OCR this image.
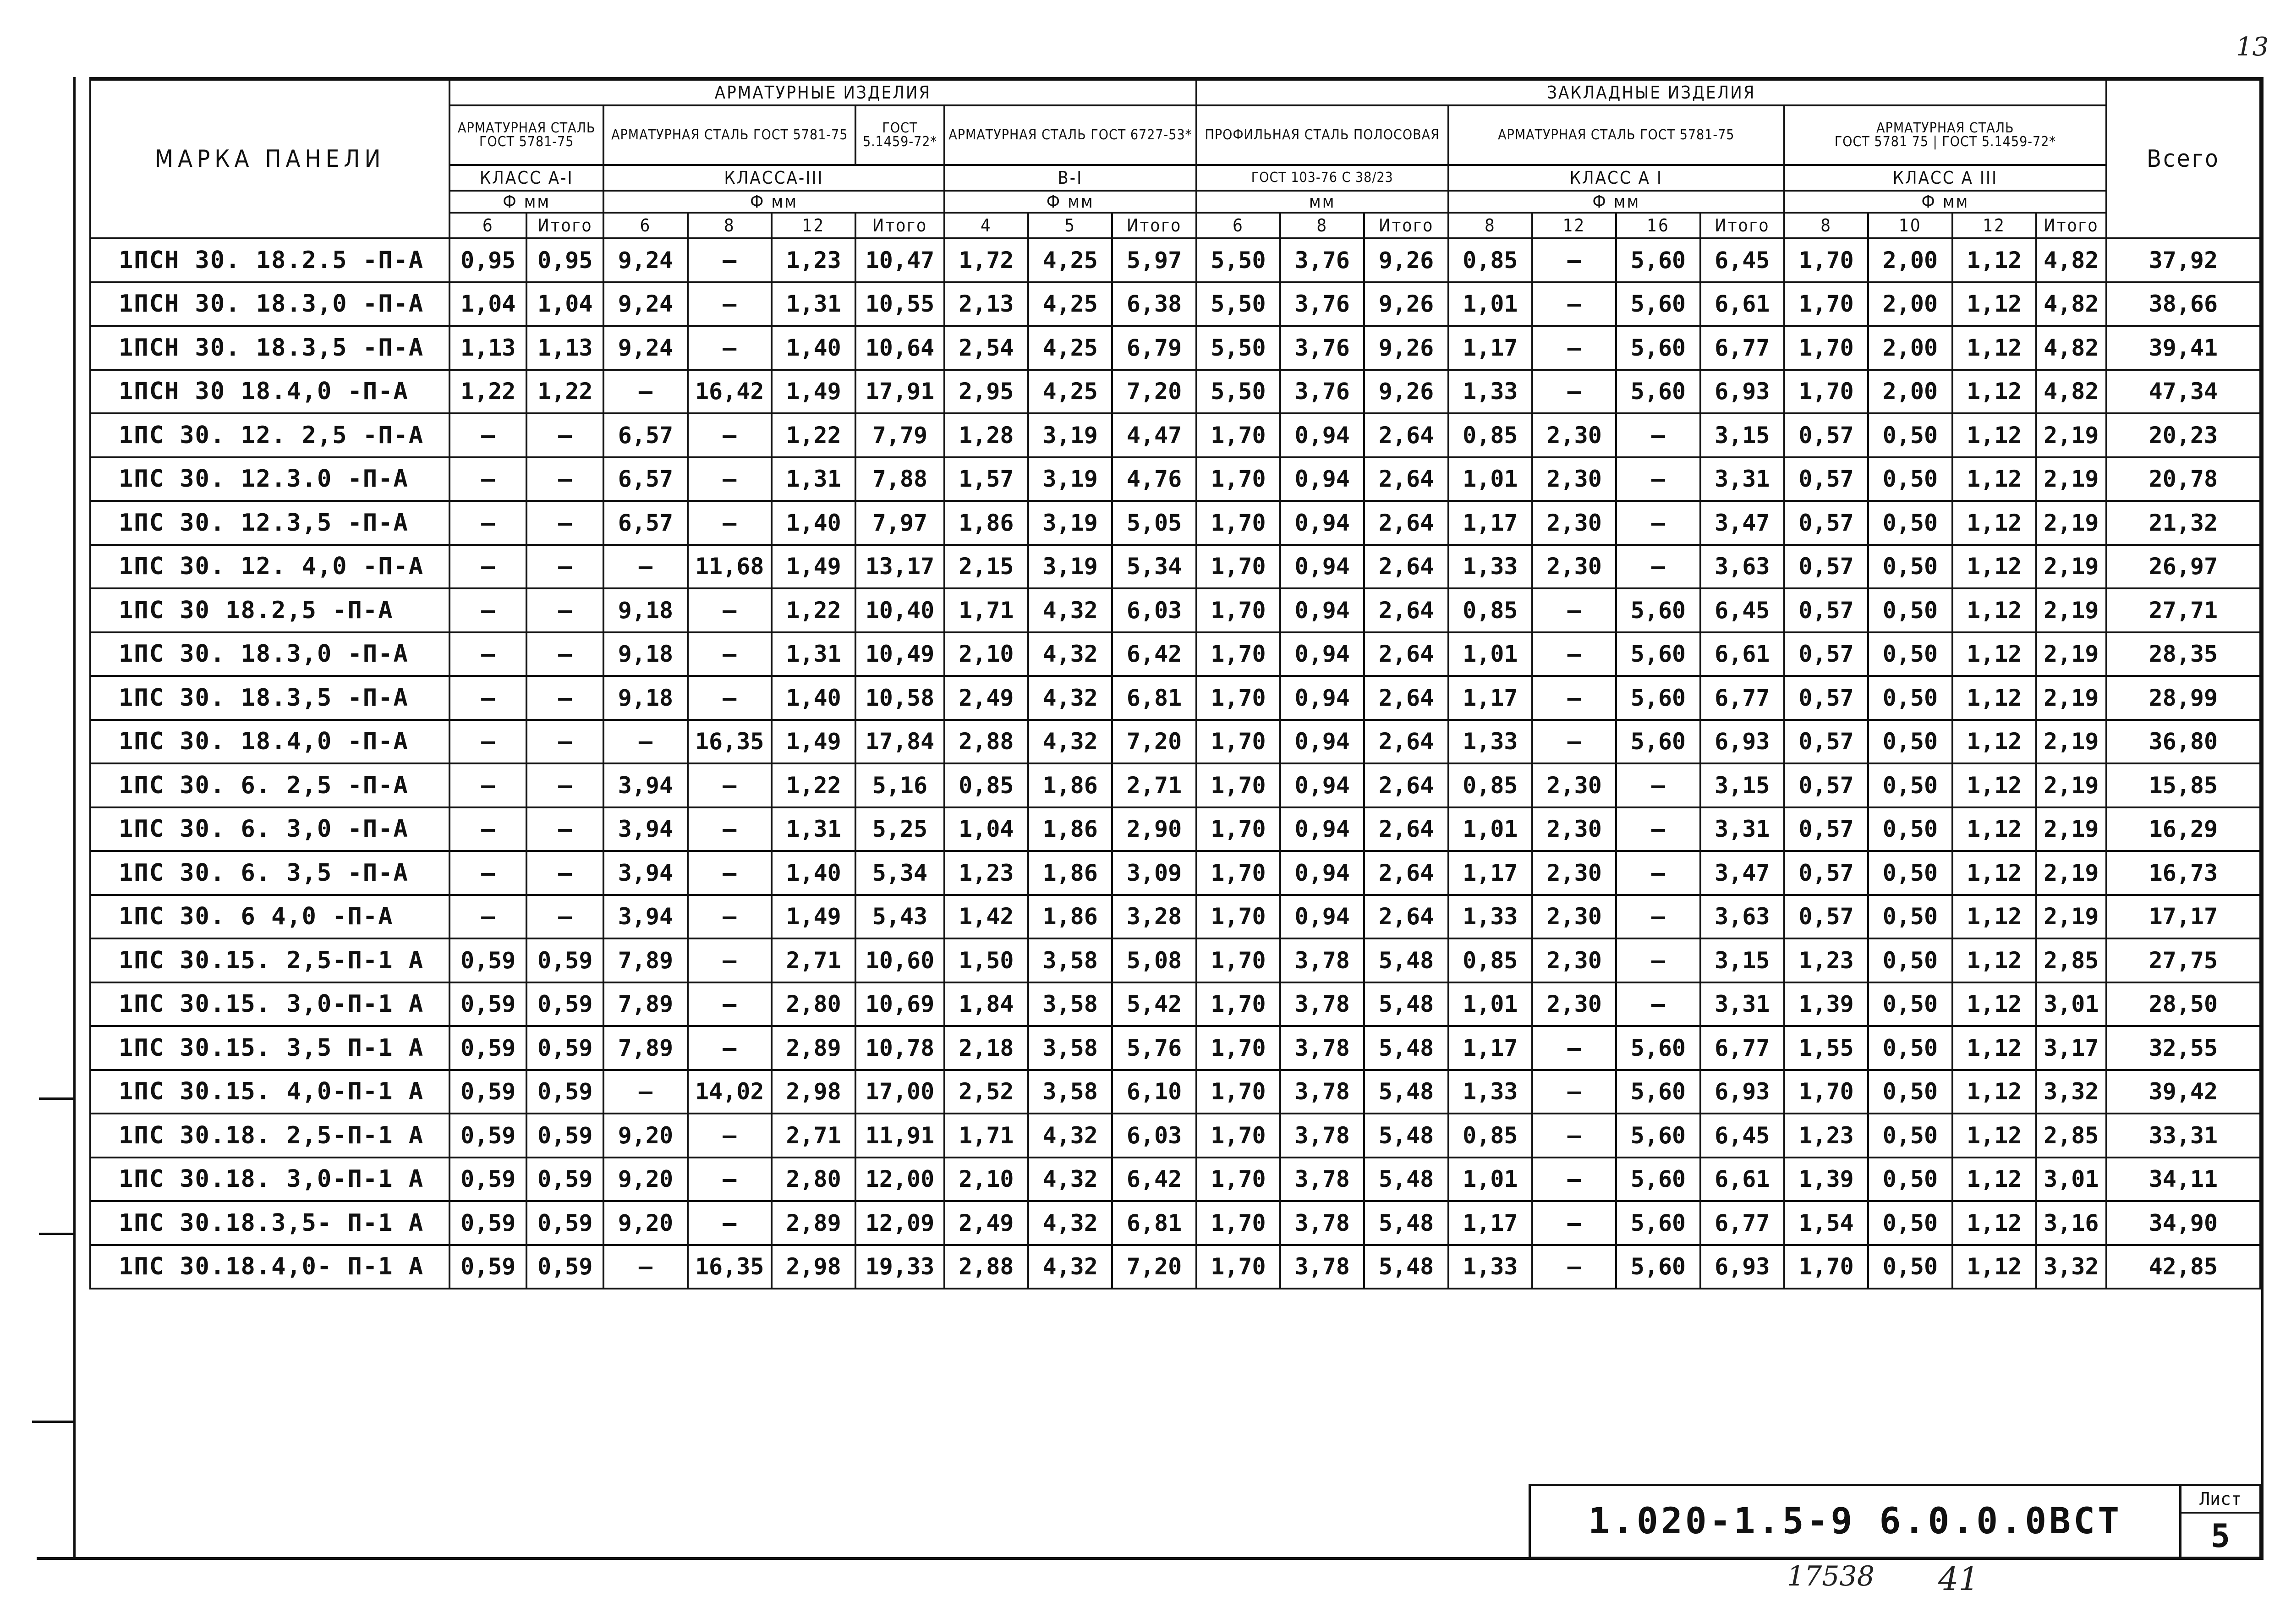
МАРКА ПАНЕЛИ	АРМАТУРНЫЕ ИЗДЕЛИЯ									ЗАКЛАДНЫЕ ИЗДЕЛИЯ											Всего
	АРМАТУРНАЯ СТАЛЬ ГОСТ 5781-75		АРМАТУРНАЯ СТАЛЬ ГОСТ 5781-75			ГОСТ 5.1459-72*	АРМАТУРНАЯ СТАЛЬ ГОСТ 6727-53*			ПРОФИЛЬНАЯ СТАЛЬ ПОЛОСОВАЯ			АРМАТУРНАЯ СТАЛЬ ГОСТ 5781-75				АРМАТУРНАЯ СТАЛЬ
ГОСТ 5781 75 | ГОСТ 5.1459-72*				

	КЛАСС А-I		КЛАССА-III				В-I			ГОСТ 103-76 С 38/23			КЛАСС А I				КЛАСС А III				
	Ф мм		Ф мм				Ф мм			мм			Ф мм				Ф мм				
	6	Итого	6	8	12	Итого	4	5	Итого	6	8	Итого	8	12	16	Итого	8	10	12	Итого	
1ПСН 30. 18.2.5 -П-А	0,95	0,95	9,24	–	1,23	10,47	1,72	4,25	5,97	5,50	3,76	9,26	0,85	–	5,60	6,45	1,70	2,00	1,12	4,82	37,92
1ПСН 30. 18.3,0 -П-А	1,04	1,04	9,24	–	1,31	10,55	2,13	4,25	6,38	5,50	3,76	9,26	1,01	–	5,60	6,61	1,70	2,00	1,12	4,82	38,66
1ПСН 30. 18.3,5 -П-А	1,13	1,13	9,24	–	1,40	10,64	2,54	4,25	6,79	5,50	3,76	9,26	1,17	–	5,60	6,77	1,70	2,00	1,12	4,82	39,41
1ПСН 30 18.4,0 -П-А	1,22	1,22	–	16,42	1,49	17,91	2,95	4,25	7,20	5,50	3,76	9,26	1,33	–	5,60	6,93	1,70	2,00	1,12	4,82	47,34
1ПС 30. 12. 2,5 -П-А	–	–	6,57	–	1,22	7,79	1,28	3,19	4,47	1,70	0,94	2,64	0,85	2,30	–	3,15	0,57	0,50	1,12	2,19	20,23
1ПС 30. 12.3.0 -П-А	–	–	6,57	–	1,31	7,88	1,57	3,19	4,76	1,70	0,94	2,64	1,01	2,30	–	3,31	0,57	0,50	1,12	2,19	20,78
1ПС 30. 12.3,5 -П-А	–	–	6,57	–	1,40	7,97	1,86	3,19	5,05	1,70	0,94	2,64	1,17	2,30	–	3,47	0,57	0,50	1,12	2,19	21,32
1ПС 30. 12. 4,0 -П-А	–	–	–	11,68	1,49	13,17	2,15	3,19	5,34	1,70	0,94	2,64	1,33	2,30	–	3,63	0,57	0,50	1,12	2,19	26,97
1ПС 30 18.2,5 -П-А	–	–	9,18	–	1,22	10,40	1,71	4,32	6,03	1,70	0,94	2,64	0,85	–	5,60	6,45	0,57	0,50	1,12	2,19	27,71
1ПС 30. 18.3,0 -П-А	–	–	9,18	–	1,31	10,49	2,10	4,32	6,42	1,70	0,94	2,64	1,01	–	5,60	6,61	0,57	0,50	1,12	2,19	28,35
1ПС 30. 18.3,5 -П-А	–	–	9,18	–	1,40	10,58	2,49	4,32	6,81	1,70	0,94	2,64	1,17	–	5,60	6,77	0,57	0,50	1,12	2,19	28,99
1ПС 30. 18.4,0 -П-А	–	–	–	16,35	1,49	17,84	2,88	4,32	7,20	1,70	0,94	2,64	1,33	–	5,60	6,93	0,57	0,50	1,12	2,19	36,80
1ПС 30. 6. 2,5 -П-А	–	–	3,94	–	1,22	5,16	0,85	1,86	2,71	1,70	0,94	2,64	0,85	2,30	–	3,15	0,57	0,50	1,12	2,19	15,85
1ПС 30. 6. 3,0 -П-А	–	–	3,94	–	1,31	5,25	1,04	1,86	2,90	1,70	0,94	2,64	1,01	2,30	–	3,31	0,57	0,50	1,12	2,19	16,29
1ПС 30. 6. 3,5 -П-А	–	–	3,94	–	1,40	5,34	1,23	1,86	3,09	1,70	0,94	2,64	1,17	2,30	–	3,47	0,57	0,50	1,12	2,19	16,73
1ПС 30. 6 4,0 -П-А	–	–	3,94	–	1,49	5,43	1,42	1,86	3,28	1,70	0,94	2,64	1,33	2,30	–	3,63	0,57	0,50	1,12	2,19	17,17
1ПС 30.15. 2,5-П-1 А	0,59	0,59	7,89	–	2,71	10,60	1,50	3,58	5,08	1,70	3,78	5,48	0,85	2,30	–	3,15	1,23	0,50	1,12	2,85	27,75
1ПС 30.15. 3,0-П-1 А	0,59	0,59	7,89	–	2,80	10,69	1,84	3,58	5,42	1,70	3,78	5,48	1,01	2,30	–	3,31	1,39	0,50	1,12	3,01	28,50
1ПС 30.15. 3,5 П-1 А	0,59	0,59	7,89	–	2,89	10,78	2,18	3,58	5,76	1,70	3,78	5,48	1,17	–	5,60	6,77	1,55	0,50	1,12	3,17	32,55
1ПС 30.15. 4,0-П-1 А	0,59	0,59	–	14,02	2,98	17,00	2,52	3,58	6,10	1,70	3,78	5,48	1,33	–	5,60	6,93	1,70	0,50	1,12	3,32	39,42
1ПС 30.18. 2,5-П-1 А	0,59	0,59	9,20	–	2,71	11,91	1,71	4,32	6,03	1,70	3,78	5,48	0,85	–	5,60	6,45	1,23	0,50	1,12	2,85	33,31
1ПС 30.18. 3,0-П-1 А	0,59	0,59	9,20	–	2,80	12,00	2,10	4,32	6,42	1,70	3,78	5,48	1,01	–	5,60	6,61	1,39	0,50	1,12	3,01	34,11
1ПС 30.18.3,5- П-1 А	0,59	0,59	9,20	–	2,89	12,09	2,49	4,32	6,81	1,70	3,78	5,48	1,17	–	5,60	6,77	1,54	0,50	1,12	3,16	34,90
1ПС 30.18.4,0- П-1 А	0,59	0,59	–	16,35	2,98	19,33	2,88	4,32	7,20	1,70	3,78	5,48	1,33	–	5,60	6,93	1,70	0,50	1,12	3,32	42,85
1.020-1.5-9 6.0.0.0ВСТ
Лист
5
17538 41
13
